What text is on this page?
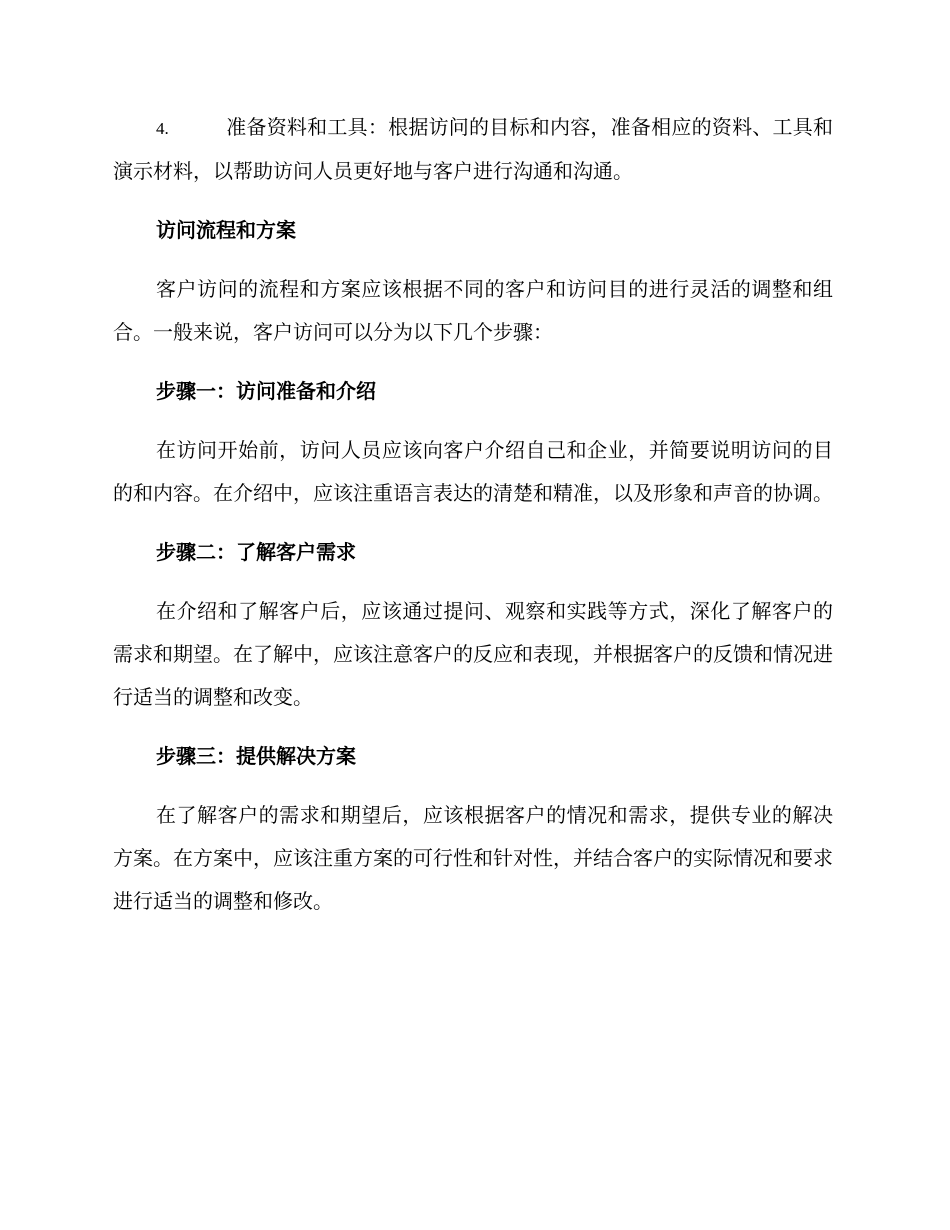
4.	准备资料和工具：根据访问的目标和内容，准备相应的资料、工具和演示材料，以帮助访问人员更好地与客户进行沟通和沟通。

访问流程和方案

客户访问的流程和方案应该根据不同的客户和访问目的进行灵活的调整和组合。一般来说，客户访问可以分为以下几个步骤：

步骤一：访问准备和介绍

在访问开始前，访问人员应该向客户介绍自己和企业，并简要说明访问的目的和内容。在介绍中，应该注重语言表达的清楚和精准，以及形象和声音的协调。

步骤二：了解客户需求

在介绍和了解客户后，应该通过提问、观察和实践等方式，深化了解客户的需求和期望。在了解中，应该注意客户的反应和表现，并根据客户的反馈和情况进行适当的调整和改变。

步骤三：提供解决方案

在了解客户的需求和期望后，应该根据客户的情况和需求，提供专业的解决方案。在方案中，应该注重方案的可行性和针对性，并结合客户的实际情况和要求进行适当的调整和修改。
